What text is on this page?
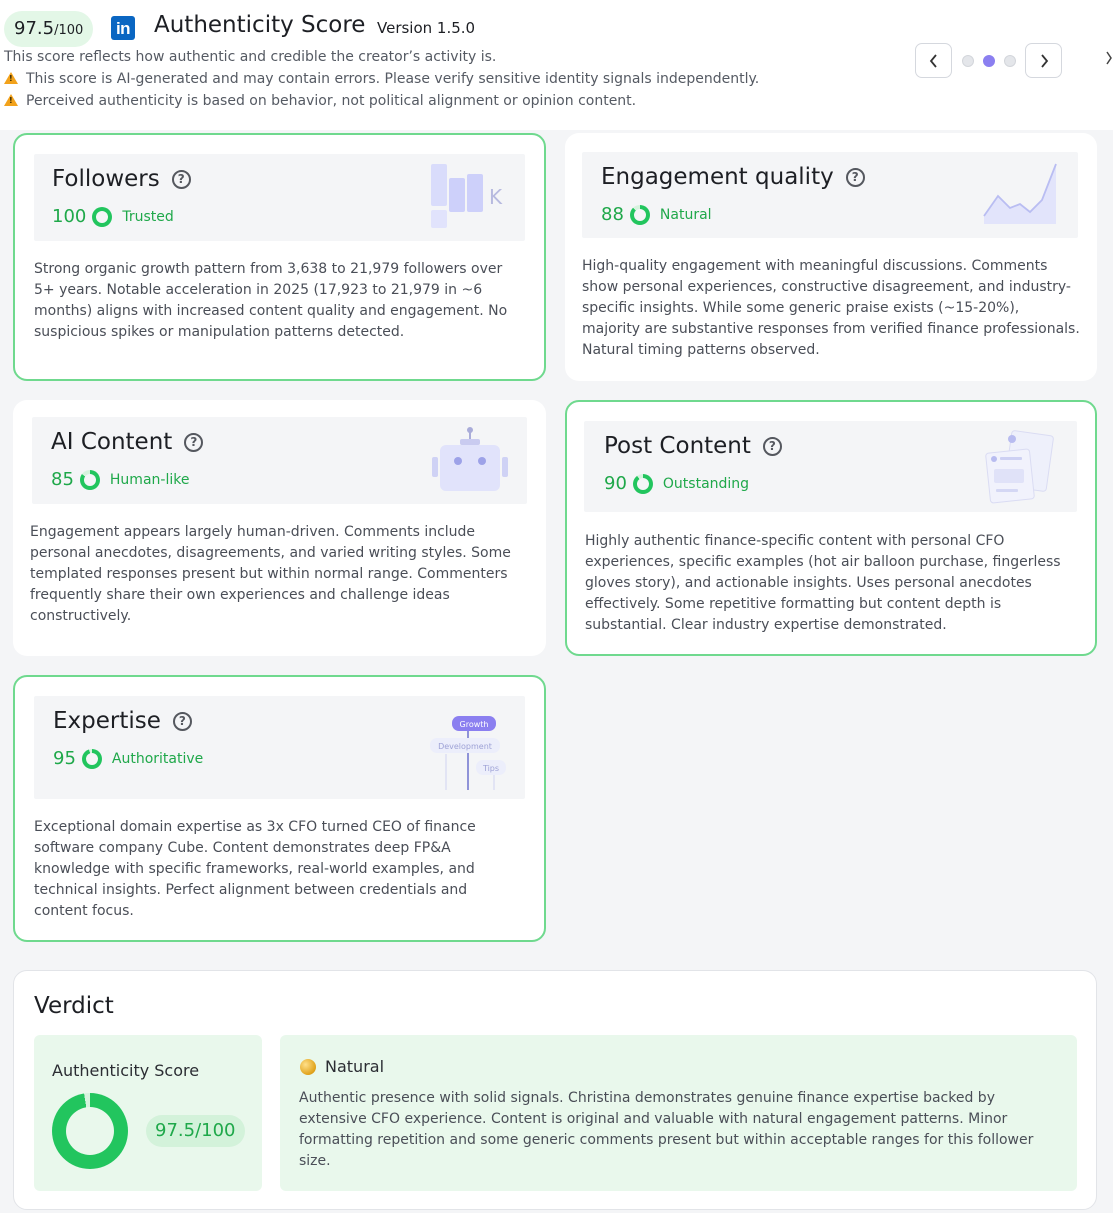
97.5 /100 in Authenticity Score Version 1.5.0
This score reflects how authentic and credible the creator’s activity is.
!This score is AI-generated and may contain errors. Please verify sensitive identity signals independently.
!Perceived authenticity is based on behavior, not political alignment or opinion content.
Followers	?
100	Trusted
K
Strong organic growth pattern from 3,638 to 21,979 followers over 5+ years. Notable acceleration in 2025 (17,923 to 21,979 in ~6 months) aligns with increased content quality and engagement. No suspicious spikes or manipulation patterns detected.
Engagement quality	?
88	Natural
High-quality engagement with meaningful discussions. Comments show personal experiences, constructive disagreement, and industry-specific insights. While some generic praise exists (~15-20%), majority are substantive responses from verified finance professionals. Natural timing patterns observed.
AI Content	?
85	Human-like
Engagement appears largely human-driven. Comments include personal anecdotes, disagreements, and varied writing styles. Some templated responses present but within normal range. Commenters frequently share their own experiences and challenge ideas constructively.
Post Content	?
90	Outstanding
Highly authentic finance-specific content with personal CFO experiences, specific examples (hot air balloon purchase, fingerless gloves story), and actionable insights. Uses personal anecdotes effectively. Some repetitive formatting but content depth is substantial. Clear industry expertise demonstrated.
Expertise	?
95	Authoritative
Growth
Development
Tips
Exceptional domain expertise as 3x CFO turned CEO of finance software company Cube. Content demonstrates deep FP&A knowledge with specific frameworks, real-world examples, and technical insights. Perfect alignment between credentials and content focus.
Verdict
Authenticity Score
97.5/100
Natural
Authentic presence with solid signals. Christina demonstrates genuine finance expertise backed by extensive CFO experience. Content is original and valuable with natural engagement patterns. Minor formatting repetition and some generic comments present but within acceptable ranges for this follower size.
